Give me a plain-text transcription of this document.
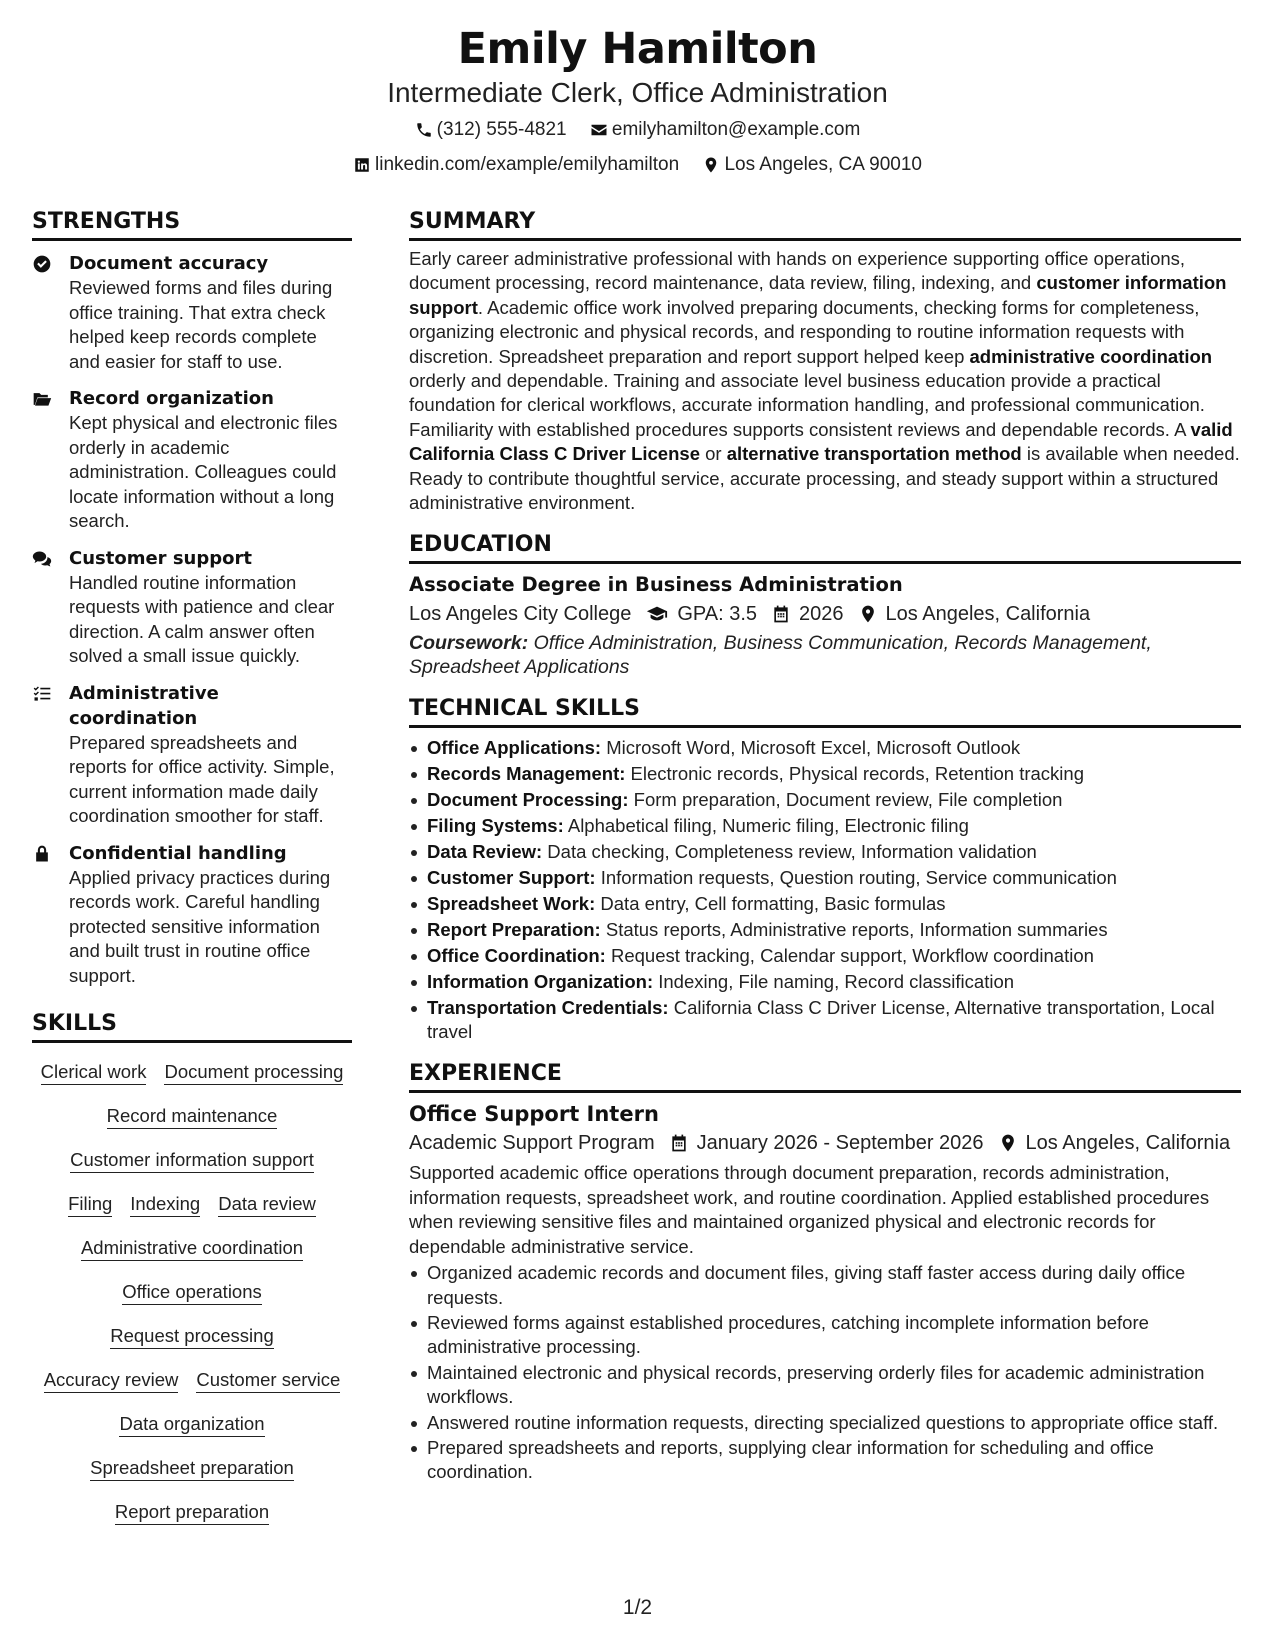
Emily Hamilton
Intermediate Clerk, Office Administration
(312) 555-4821
emilyhamilton@example.com
linkedin.com/example/emilyhamilton
Los Angeles, CA 90010
STRENGTHS
Document accuracy
Reviewed forms and files during office training. That extra check helped keep records complete and easier for staff to use.
Record organization
Kept physical and electronic files orderly in academic administration. Colleagues could locate information without a long search.
Customer support
Handled routine information requests with patience and clear direction. A calm answer often solved a small issue quickly.
Administrative coordination
Prepared spreadsheets and reports for office activity. Simple, current information made daily coordination smoother for staff.
Confidential handling
Applied privacy practices during records work. Careful handling protected sensitive information and built trust in routine office support.
SKILLS
Clerical work Document processing
Record maintenance
Customer information support
Filing Indexing Data review
Administrative coordination
Office operations
Request processing
Accuracy review Customer service
Data organization
Spreadsheet preparation
Report preparation
SUMMARY

Early career administrative professional with hands on experience supporting office operations, document processing, record maintenance, data review, filing, indexing, and customer information support. Academic office work involved preparing documents, checking forms for completeness, organizing electronic and physical records, and responding to routine information requests with discretion. Spreadsheet preparation and report support helped keep administrative coordination orderly and dependable. Training and associate level business education provide a practical foundation for clerical workflows, accurate information handling, and professional communication. Familiarity with established procedures supports consistent reviews and dependable records. A valid California Class C Driver License or alternative transportation method is available when needed. Ready to contribute thoughtful service, accurate processing, and steady support within a structured administrative environment.

EDUCATION
Associate Degree in Business Administration
Los Angeles City College GPA: 3.5 2026 Los Angeles, California
Coursework: Office Administration, Business Communication, Records Management, Spreadsheet Applications
TECHNICAL SKILLS
Office Applications: Microsoft Word, Microsoft Excel, Microsoft Outlook
Records Management: Electronic records, Physical records, Retention tracking
Document Processing: Form preparation, Document review, File completion
Filing Systems: Alphabetical filing, Numeric filing, Electronic filing
Data Review: Data checking, Completeness review, Information validation
Customer Support: Information requests, Question routing, Service communication
Spreadsheet Work: Data entry, Cell formatting, Basic formulas
Report Preparation: Status reports, Administrative reports, Information summaries
Office Coordination: Request tracking, Calendar support, Workflow coordination
Information Organization: Indexing, File naming, Record classification
Transportation Credentials: California Class C Driver License, Alternative transportation, Local travel
EXPERIENCE
Office Support Intern
Academic Support Program January 2026 - September 2026 Los Angeles, California

Supported academic office operations through document preparation, records administration, information requests, spreadsheet work, and routine coordination. Applied established procedures when reviewing sensitive files and maintained organized physical and electronic records for dependable administrative service.

Organized academic records and document files, giving staff faster access during daily office requests.
Reviewed forms against established procedures, catching incomplete information before administrative processing.
Maintained electronic and physical records, preserving orderly files for academic administration workflows.
Answered routine information requests, directing specialized questions to appropriate office staff.
Prepared spreadsheets and reports, supplying clear information for scheduling and office coordination.
1/2
